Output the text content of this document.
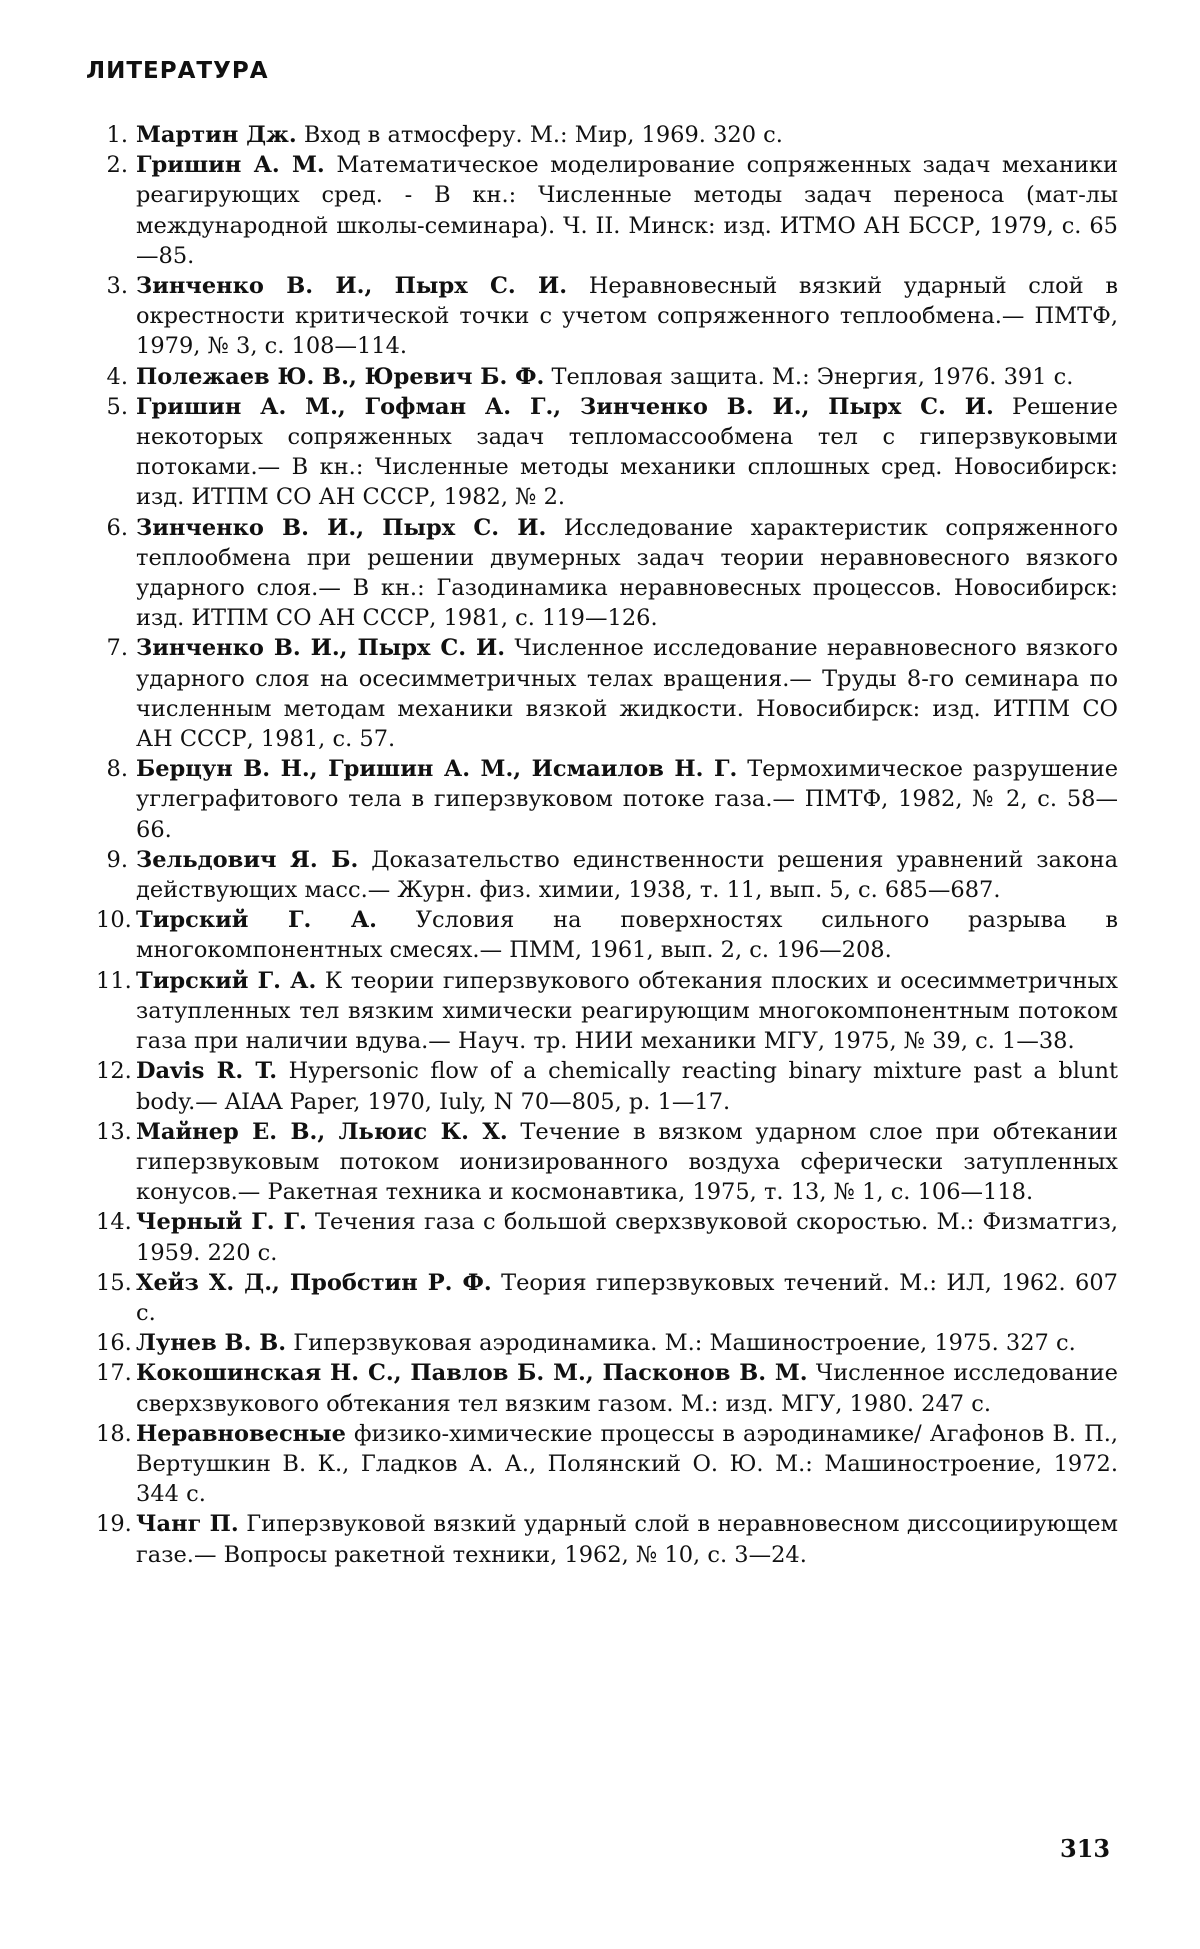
ЛИТЕРАТУРА
1. Мартин Дж. Вход в атмосферу. М.: Мир, 1969. 320 с.
2. Гришин А. М. Математическое моделирование сопряженных задач механики реагирующих сред. - В кн.: Численные методы задач переноса (мат-лы международной школы-семинара). Ч. II. Минск: изд. ИТМО АН БССР, 1979, с. 65—85.
3. Зинченко В. И., Пырх С. И. Неравновесный вязкий ударный слой в окрестности критической точки с учетом сопряженного теплообмена.— ПМТФ, 1979, № 3, с. 108—114.
4. Полежаев Ю. В., Юревич Б. Ф. Тепловая защита. М.: Энергия, 1976. 391 с.
5. Гришин А. М., Гофман А. Г., Зинченко В. И., Пырх С. И. Решение некоторых сопряженных задач тепломассообмена тел с гиперзвуковыми потоками.— В кн.: Численные методы механики сплошных сред. Новосибирск: изд. ИТПМ СО АН СССР, 1982, № 2.
6. Зинченко В. И., Пырх С. И. Исследование характеристик сопряженного теплообмена при решении двумерных задач теории неравновесного вязкого ударного слоя.— В кн.: Газодинамика неравновесных процессов. Новосибирск: изд. ИТПМ СО АН СССР, 1981, с. 119—126.
7. Зинченко В. И., Пырх С. И. Численное исследование неравновесного вязкого ударного слоя на осесимметричных телах вращения.— Труды 8-го семинара по численным методам механики вязкой жидкости. Новосибирск: изд. ИТПМ СО АН СССР, 1981, с. 57.
8. Берцун В. Н., Гришин А. М., Исмаилов Н. Г. Термохимическое разрушение углеграфитового тела в гиперзвуковом потоке газа.— ПМТФ, 1982, № 2, с. 58—66.
9. Зельдович Я. Б. Доказательство единственности решения уравнений закона действующих масс.— Журн. физ. химии, 1938, т. 11, вып. 5, с. 685—687.
10. Тирский Г. А. Условия на поверхностях сильного разрыва в многокомпонентных смесях.— ПММ, 1961, вып. 2, с. 196—208.
11. Тирский Г. А. К теории гиперзвукового обтекания плоских и осесимметричных затупленных тел вязким химически реагирующим многокомпонентным потоком газа при наличии вдува.— Науч. тр. НИИ механики МГУ, 1975, № 39, с. 1—38.
12. Davis R. T. Hypersonic flow of a chemically reacting binary mixture past a blunt body.— AIAA Paper, 1970, Iuly, N 70—805, p. 1—17.
13. Майнер Е. В., Льюис К. Х. Течение в вязком ударном слое при обтекании гиперзвуковым потоком ионизированного воздуха сферически затупленных конусов.— Ракетная техника и космонавтика, 1975, т. 13, № 1, с. 106—118.
14. Черный Г. Г. Течения газа с большой сверхзвуковой скоростью. М.: Физматгиз, 1959. 220 с.
15. Хейз Х. Д., Пробстин Р. Ф. Теория гиперзвуковых течений. М.: ИЛ, 1962. 607 с.
16. Лунев В. В. Гиперзвуковая аэродинамика. М.: Машиностроение, 1975. 327 с.
17. Кокошинская Н. С., Павлов Б. М., Пасконов В. М. Численное исследование сверхзвукового обтекания тел вязким газом. М.: изд. МГУ, 1980. 247 с.
18. Неравновесные физико-химические процессы в аэродинамике/ Агафонов В. П., Вертушкин В. К., Гладков А. А., Полянский О. Ю. М.: Машиностроение, 1972. 344 с.
19. Чанг П. Гиперзвуковой вязкий ударный слой в неравновесном диссоциирующем газе.— Вопросы ракетной техники, 1962, № 10, с. 3—24.
313
